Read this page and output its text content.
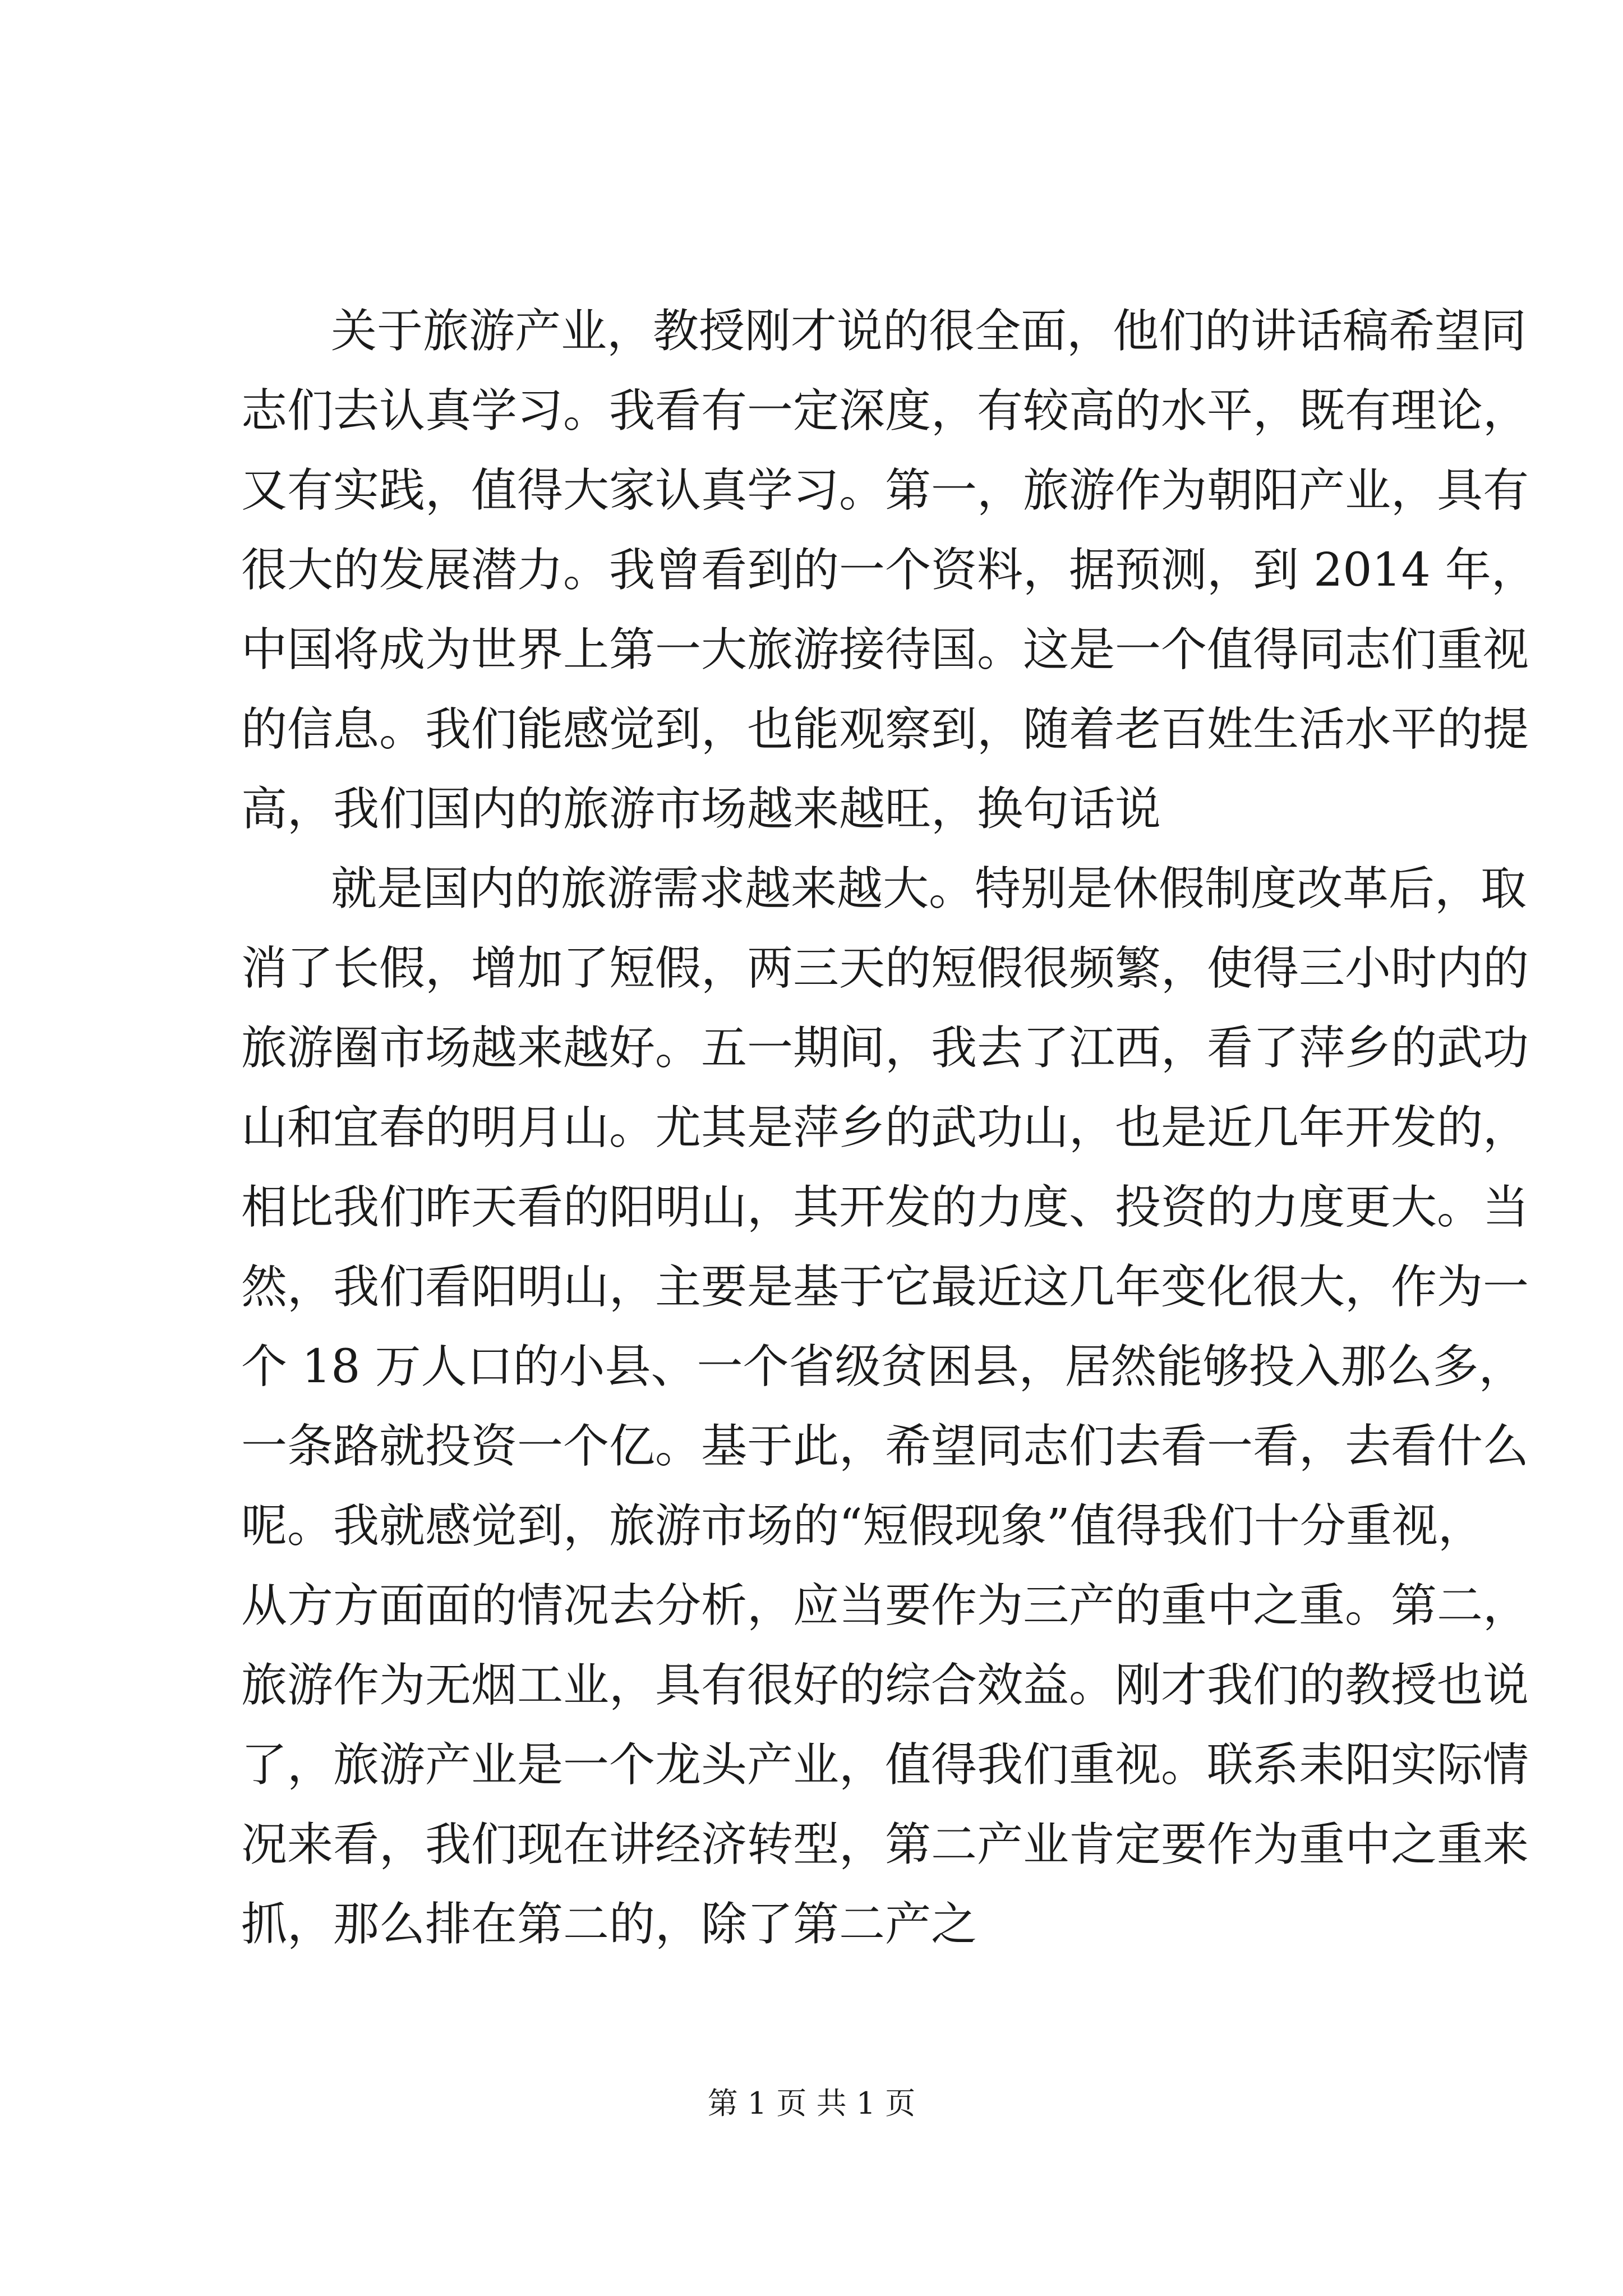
关于旅游产业，教授刚才说的很全面，他们的讲话稿希望同
志们去认真学习。我看有一定深度，有较高的水平，既有理论，
又有实践，值得大家认真学习。第一，旅游作为朝阳产业，具有
很大的发展潜力。我曾看到的一个资料，据预测，到 2014 年，
中国将成为世界上第一大旅游接待国。这是一个值得同志们重视
的信息。我们能感觉到，也能观察到，随着老百姓生活水平的提
高，我们国内的旅游市场越来越旺，换句话说
就是国内的旅游需求越来越大。特别是休假制度改革后，取
消了长假，增加了短假，两三天的短假很频繁，使得三小时内的
旅游圈市场越来越好。五一期间，我去了江西，看了萍乡的武功
山和宜春的明月山。尤其是萍乡的武功山，也是近几年开发的，
相比我们昨天看的阳明山，其开发的力度、投资的力度更大。当
然，我们看阳明山，主要是基于它最近这几年变化很大，作为一
个 18 万人口的小县、一个省级贫困县，居然能够投入那么多，
一条路就投资一个亿。基于此，希望同志们去看一看，去看什么
呢。我就感觉到，旅游市场的“短假现象”值得我们十分重视，
从方方面面的情况去分析，应当要作为三产的重中之重。第二，
旅游作为无烟工业，具有很好的综合效益。刚才我们的教授也说
了，旅游产业是一个龙头产业，值得我们重视。联系耒阳实际情
况来看，我们现在讲经济转型，第二产业肯定要作为重中之重来
抓，那么排在第二的，除了第二产之
第 1 页 共 1 页
